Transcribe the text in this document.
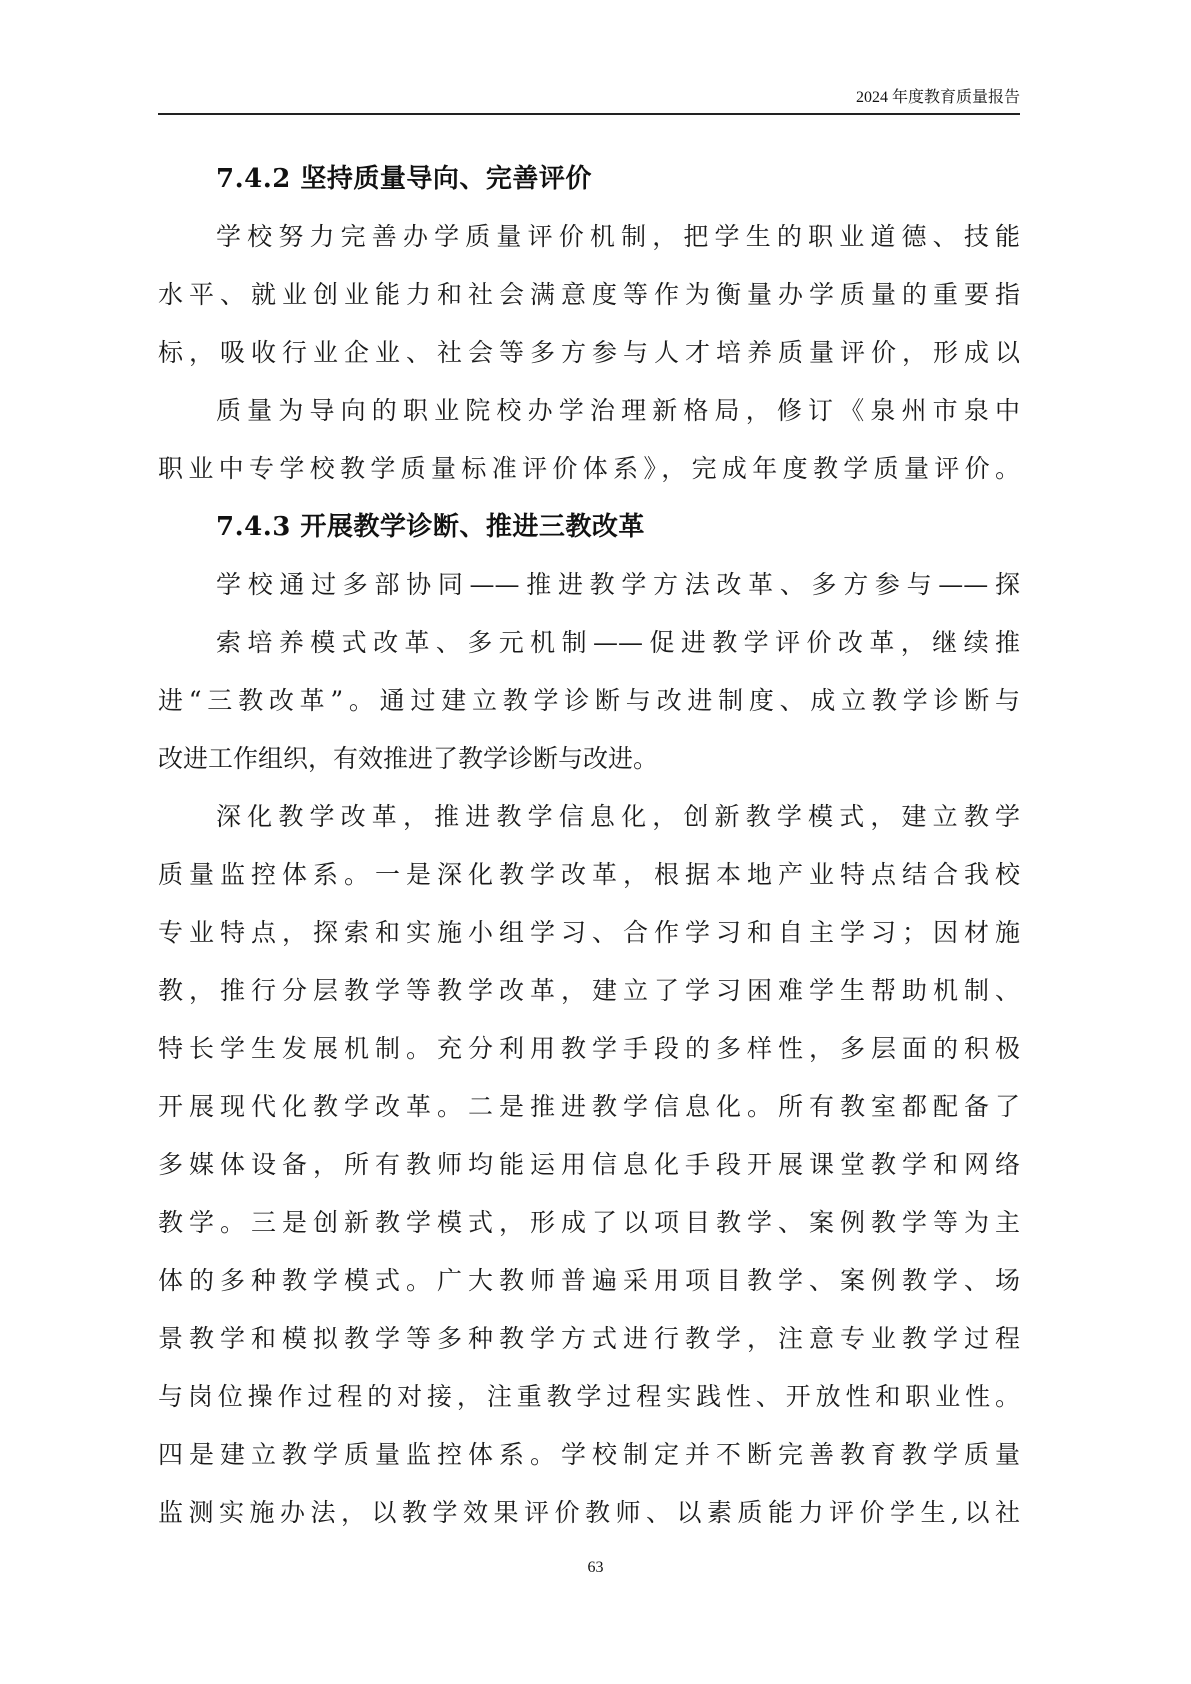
2024 年度教育质量报告
7.4.2 坚持质量导向、完善评价
学校努力完善办学质量评价机制，把学生的职业道德、技能
水平、就业创业能力和社会满意度等作为衡量办学质量的重要指
标，吸收行业企业、社会等多方参与人才培养质量评价，形成以
质量为导向的职业院校办学治理新格局，修订《泉州市泉中
职业中专学校教学质量标准评价体系》，完成年度教学质量评价。
7.4.3 开展教学诊断、推进三教改革
学校通过多部协同——推进教学方法改革、多方参与——探
索培养模式改革、多元机制——促进教学评价改革，继续推
进“三教改革”。通过建立教学诊断与改进制度、成立教学诊断与
改进工作组织，有效推进了教学诊断与改进。
深化教学改革，推进教学信息化，创新教学模式，建立教学
质量监控体系。一是深化教学改革，根据本地产业特点结合我校
专业特点，探索和实施小组学习、合作学习和自主学习；因材施
教，推行分层教学等教学改革，建立了学习困难学生帮助机制、
特长学生发展机制。充分利用教学手段的多样性，多层面的积极
开展现代化教学改革。二是推进教学信息化。所有教室都配备了
多媒体设备，所有教师均能运用信息化手段开展课堂教学和网络
教学。三是创新教学模式，形成了以项目教学、案例教学等为主
体的多种教学模式。广大教师普遍采用项目教学、案例教学、场
景教学和模拟教学等多种教学方式进行教学，注意专业教学过程
与岗位操作过程的对接，注重教学过程实践性、开放性和职业性。
四是建立教学质量监控体系。学校制定并不断完善教育教学质量
监测实施办法，以教学效果评价教师、以素质能力评价学生,以社
63
